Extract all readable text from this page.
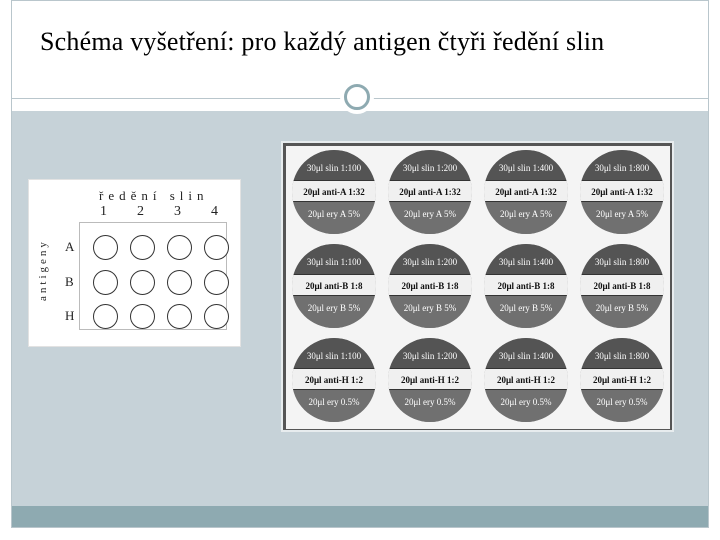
Schéma vyšetření: pro každý antigen čtyři ředění slin
ředění slin
antigeny
1 2 3 4
A
B
H
30μl slin 1:100
20μl anti-A 1:32
20μl ery A 5%
30μl slin 1:200
20μl anti-A 1:32
20μl ery A 5%
30μl slin 1:400
20μl anti-A 1:32
20μl ery A 5%
30μl slin 1:800
20μl anti-A 1:32
20μl ery A 5%
30μl slin 1:100
20μl anti-B 1:8
20μl ery B 5%
30μl slin 1:200
20μl anti-B 1:8
20μl ery B 5%
30μl slin 1:400
20μl anti-B 1:8
20μl ery B 5%
30μl slin 1:800
20μl anti-B 1:8
20μl ery B 5%
30μl slin 1:100
20μl anti-H 1:2
20μl ery 0.5%
30μl slin 1:200
20μl anti-H 1:2
20μl ery 0.5%
30μl slin 1:400
20μl anti-H 1:2
20μl ery 0.5%
30μl slin 1:800
20μl anti-H 1:2
20μl ery 0.5%
